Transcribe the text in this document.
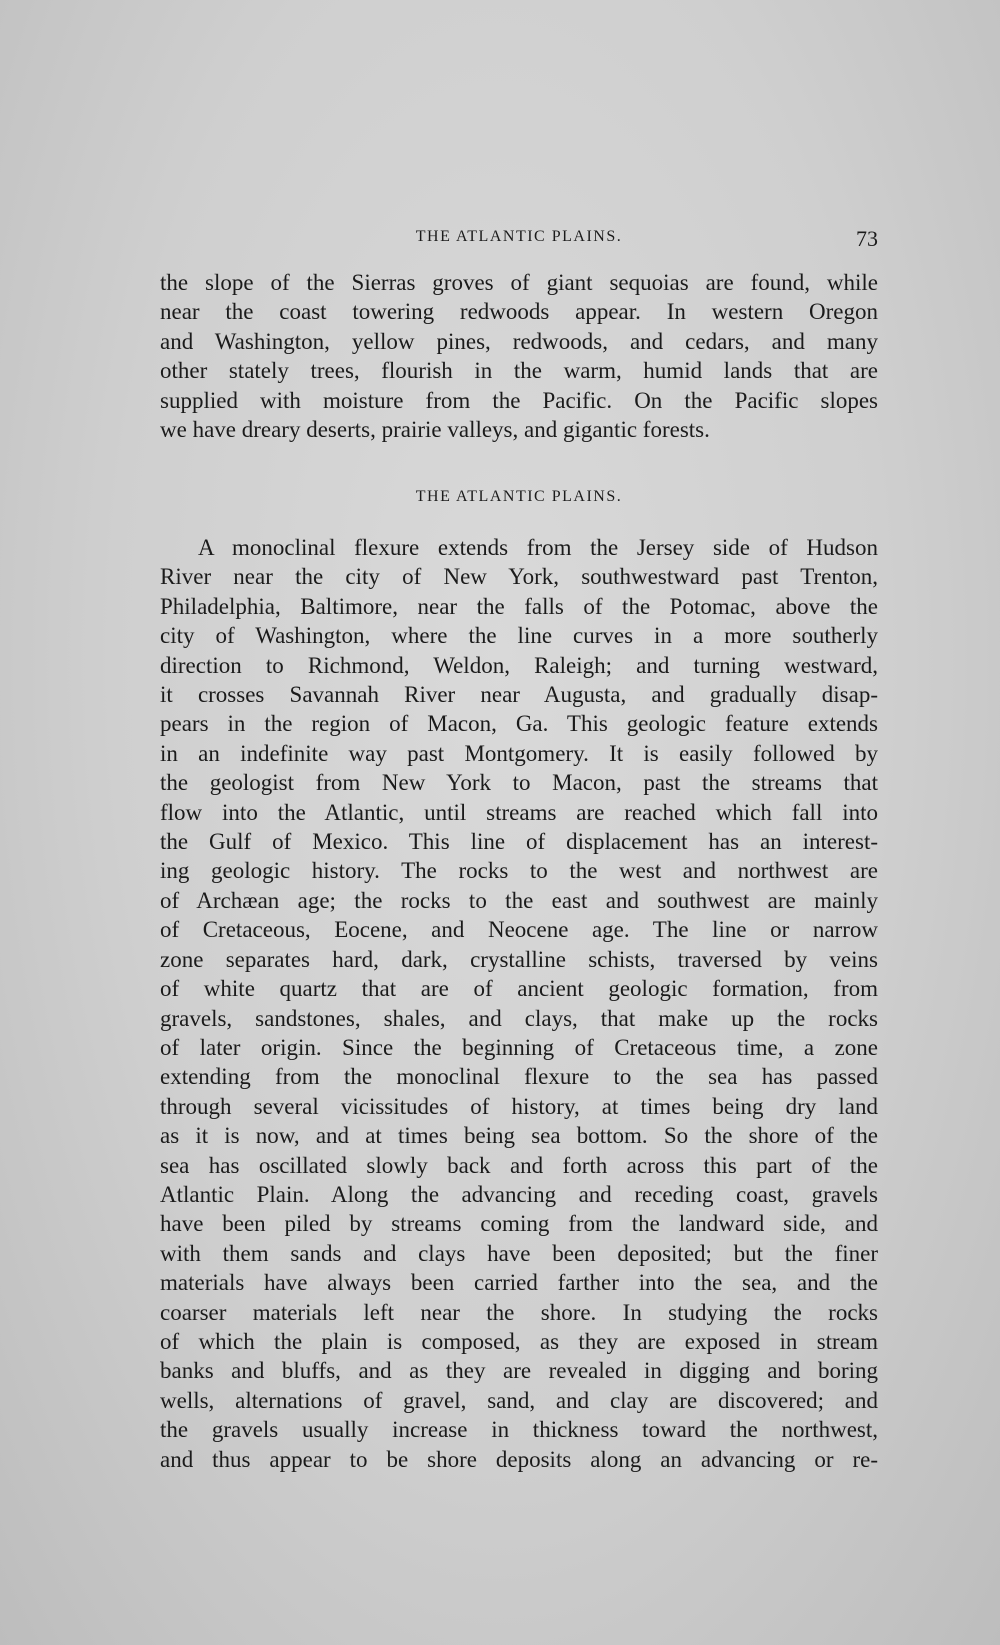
THE ATLANTIC PLAINS.	73
the slope of the Sierras groves of giant sequoias are found, while
near the coast towering redwoods appear. In western Oregon
and Washington, yellow pines, redwoods, and cedars, and many
other stately trees, flourish in the warm, humid lands that are
supplied with moisture from the Pacific. On the Pacific slopes
we have dreary deserts, prairie valleys, and gigantic forests.
THE ATLANTIC PLAINS.
A monoclinal flexure extends from the Jersey side of Hudson
River near the city of New York, southwestward past Trenton,
Philadelphia, Baltimore, near the falls of the Potomac, above the
city of Washington, where the line curves in a more southerly
direction to Richmond, Weldon, Raleigh; and turning westward,
it crosses Savannah River near Augusta, and gradually disap-
pears in the region of Macon, Ga. This geologic feature extends
in an indefinite way past Montgomery. It is easily followed by
the geologist from New York to Macon, past the streams that
flow into the Atlantic, until streams are reached which fall into
the Gulf of Mexico. This line of displacement has an interest-
ing geologic history. The rocks to the west and northwest are
of Archæan age; the rocks to the east and southwest are mainly
of Cretaceous, Eocene, and Neocene age. The line or narrow
zone separates hard, dark, crystalline schists, traversed by veins
of white quartz that are of ancient geologic formation, from
gravels, sandstones, shales, and clays, that make up the rocks
of later origin. Since the beginning of Cretaceous time, a zone
extending from the monoclinal flexure to the sea has passed
through several vicissitudes of history, at times being dry land
as it is now, and at times being sea bottom. So the shore of the
sea has oscillated slowly back and forth across this part of the
Atlantic Plain. Along the advancing and receding coast, gravels
have been piled by streams coming from the landward side, and
with them sands and clays have been deposited; but the finer
materials have always been carried farther into the sea, and the
coarser materials left near the shore. In studying the rocks
of which the plain is composed, as they are exposed in stream
banks and bluffs, and as they are revealed in digging and boring
wells, alternations of gravel, sand, and clay are discovered; and
the gravels usually increase in thickness toward the northwest,
and thus appear to be shore deposits along an advancing or re-
